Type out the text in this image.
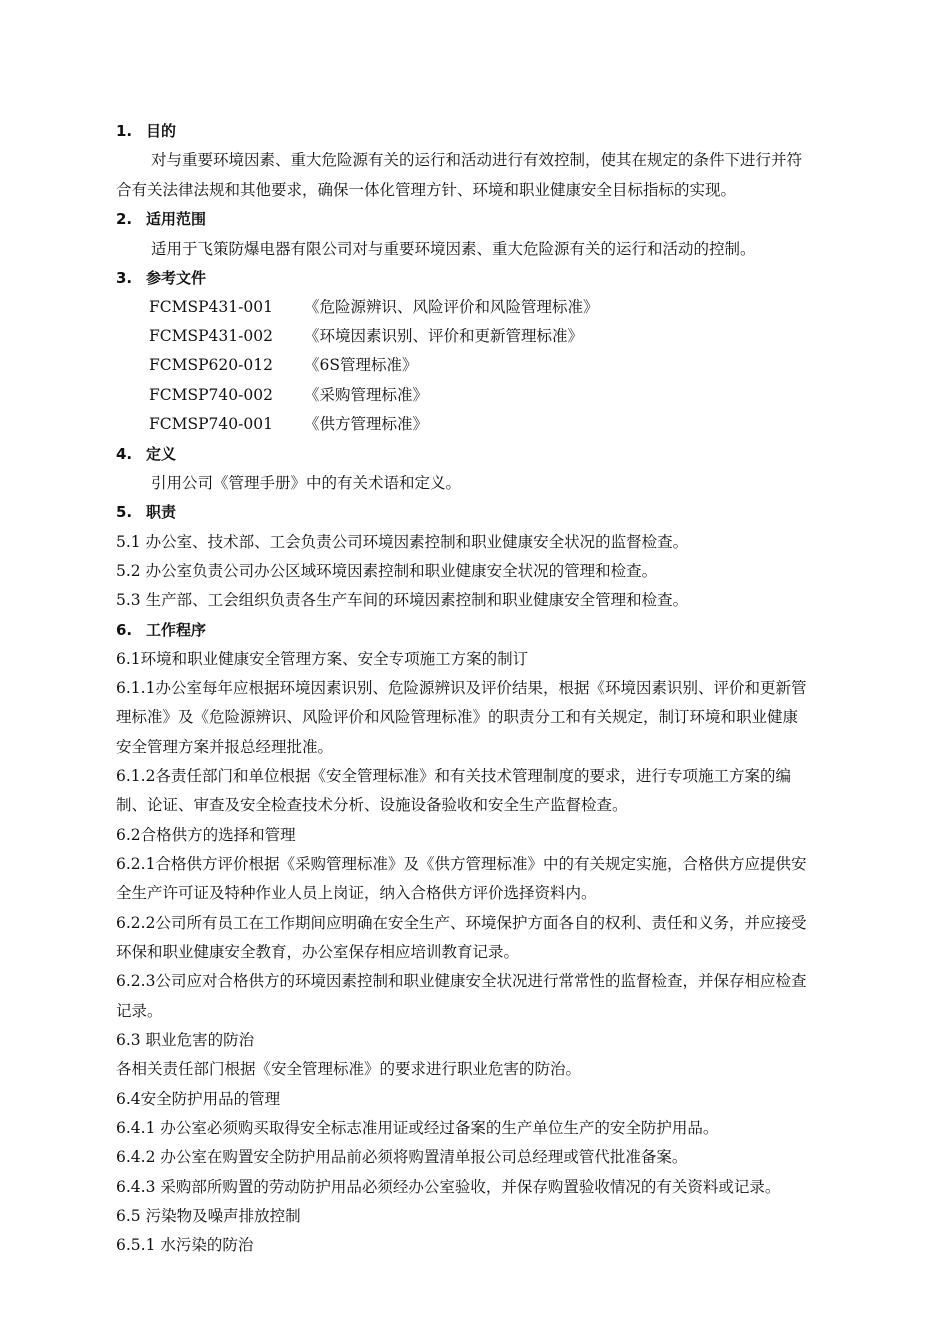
1. 目的
对与重要环境因素、重大危险源有关的运行和活动进行有效控制，使其在规定的条件下进行并符
合有关法律法规和其他要求，确保一体化管理方针、环境和职业健康安全目标指标的实现。
2. 适用范围
适用于飞策防爆电器有限公司对与重要环境因素、重大危险源有关的运行和活动的控制。
3. 参考文件
FCMSP431-001 《危险源辨识、风险评价和风险管理标准》
FCMSP431-002 《环境因素识别、评价和更新管理标准》
FCMSP620-012 《6S管理标准》
FCMSP740-002 《采购管理标准》
FCMSP740-001 《供方管理标准》
4. 定义
引用公司《管理手册》中的有关术语和定义。
5. 职责
5.1 办公室、技术部、工会负责公司环境因素控制和职业健康安全状况的监督检查。
5.2 办公室负责公司办公区域环境因素控制和职业健康安全状况的管理和检查。
5.3 生产部、工会组织负责各生产车间的环境因素控制和职业健康安全管理和检查。
6. 工作程序
6.1环境和职业健康安全管理方案、安全专项施工方案的制订
6.1.1办公室每年应根据环境因素识别、危险源辨识及评价结果，根据《环境因素识别、评价和更新管
理标准》及《危险源辨识、风险评价和风险管理标准》的职责分工和有关规定，制订环境和职业健康
安全管理方案并报总经理批准。
6.1.2各责任部门和单位根据《安全管理标准》和有关技术管理制度的要求，进行专项施工方案的编
制、论证、审查及安全检查技术分析、设施设备验收和安全生产监督检查。
6.2合格供方的选择和管理
6.2.1合格供方评价根据《采购管理标准》及《供方管理标准》中的有关规定实施，合格供方应提供安
全生产许可证及特种作业人员上岗证，纳入合格供方评价选择资料内。
6.2.2公司所有员工在工作期间应明确在安全生产、环境保护方面各自的权利、责任和义务，并应接受
环保和职业健康安全教育，办公室保存相应培训教育记录。
6.2.3公司应对合格供方的环境因素控制和职业健康安全状况进行常常性的监督检查，并保存相应检查
记录。
6.3 职业危害的防治
各相关责任部门根据《安全管理标准》的要求进行职业危害的防治。
6.4安全防护用品的管理
6.4.1 办公室必须购买取得安全标志准用证或经过备案的生产单位生产的安全防护用品。
6.4.2 办公室在购置安全防护用品前必须将购置清单报公司总经理或管代批准备案。
6.4.3 采购部所购置的劳动防护用品必须经办公室验收，并保存购置验收情况的有关资料或记录。
6.5 污染物及噪声排放控制
6.5.1 水污染的防治
